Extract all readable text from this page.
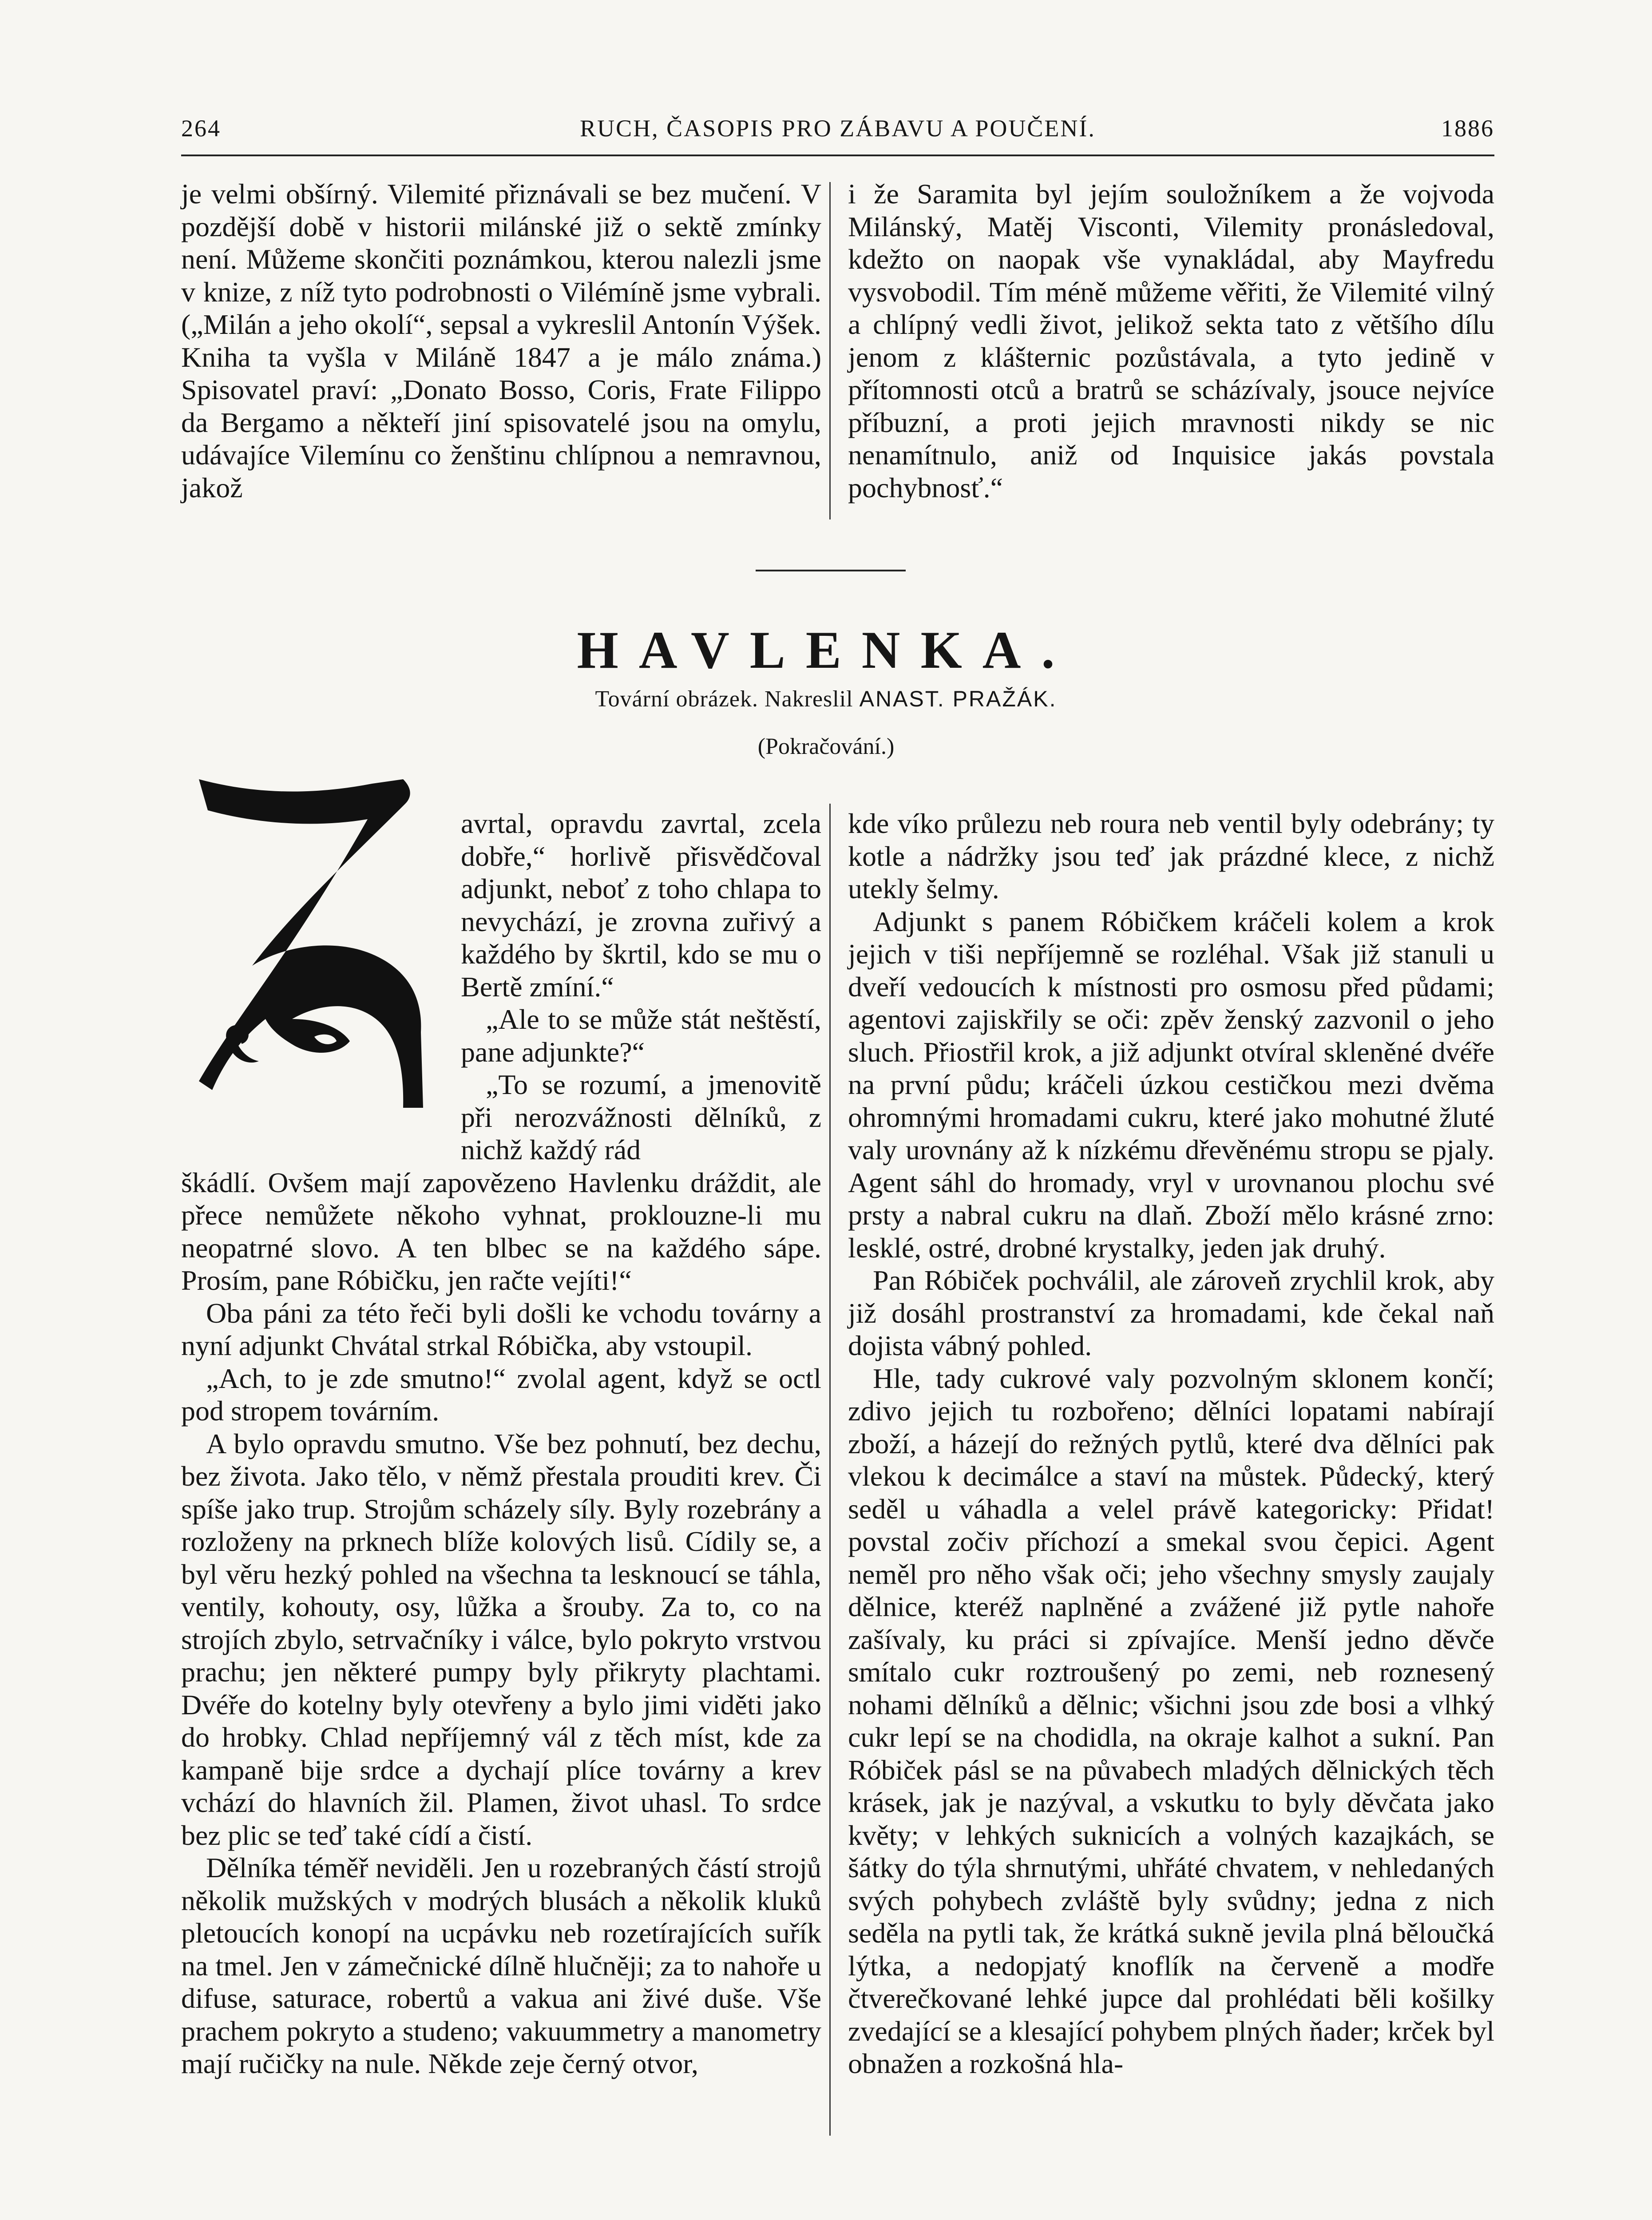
264	RUCH, ČASOPIS PRO ZÁBAVU A POUČENÍ.	1886

je velmi obšírný. Vilemité přiznávali se bez mučení. V pozdější době v historii milánské již o sektě zmínky není. Můžeme skončiti poznámkou, kterou nalezli jsme v knize, z níž tyto podrobnosti o Vilémíně jsme vybrali. („Milán a jeho okolí“, sepsal a vykreslil Antonín Výšek. Kniha ta vyšla v Miláně 1847 a je málo známa.) Spisovatel praví: „Donato Bosso, Coris, Frate Filippo da Bergamo a někteří jiní spisovatelé jsou na omylu, udávajíce Vilemínu co ženštinu chlípnou a nemravnou, jakož

i že Saramita byl jejím souložníkem a že vojvoda Milánský, Matěj Visconti, Vilemity pronásledoval, kdežto on naopak vše vynakládal, aby Mayfredu vysvobodil. Tím méně můžeme věřiti, že Vilemité vilný a chlípný vedli život, jelikož sekta tato z většího dílu jenom z klášternic pozůstávala, a tyto jedině v přítomnosti otců a bratrů se scházívaly, jsouce nejvíce příbuzní, a proti jejich mravnosti nikdy se nic nenamítnulo, aniž od Inquisice jakás povstala pochybnosť.“

HAVLENKA.
Tovární obrázek. Nakreslil ANAST. PRAŽÁK.
(Pokračování.)
Z

avrtal, opravdu zavrtal, zcela dobře,“ horlivě přisvědčoval adjunkt, neboť z toho chlapa to nevychází, je zrovna zuřivý a každého by škrtil, kdo se mu o Bertě zmíní.“

„Ale to se může stát neštěstí, pane adjunkte?“

„To se rozumí, a jmenovitě při nerozvážnosti dělníků, z nichž každý rád

škádlí. Ovšem mají zapovězeno Havlenku dráždit, ale přece nemůžete někoho vyhnat, proklouzne-li mu neopatrné slovo. A ten blbec se na každého sápe. Prosím, pane Róbičku, jen račte vejíti!“

Oba páni za této řeči byli došli ke vchodu továrny a nyní adjunkt Chvátal strkal Róbička, aby vstoupil.

„Ach, to je zde smutno!“ zvolal agent, když se octl pod stropem továrním.

A bylo opravdu smutno. Vše bez pohnutí, bez dechu, bez života. Jako tělo, v němž přestala prouditi krev. Či spíše jako trup. Strojům scházely síly. Byly rozebrány a rozloženy na prknech blíže kolových lisů. Cídily se, a byl věru hezký pohled na všechna ta lesknoucí se táhla, ventily, kohouty, osy, lůžka a šrouby. Za to, co na strojích zbylo, setrvačníky i válce, bylo pokryto vrstvou prachu; jen některé pumpy byly přikryty plachtami. Dvéře do kotelny byly otevřeny a bylo jimi viděti jako do hrobky. Chlad nepříjemný vál z těch míst, kde za kampaně bije srdce a dychají plíce továrny a krev vchází do hlavních žil. Plamen, život uhasl. To srdce bez plic se teď také cídí a čistí.

Dělníka téměř neviděli. Jen u rozebraných částí strojů několik mužských v modrých blusách a několik kluků pletoucích konopí na ucpávku neb rozetírajících suřík na tmel. Jen v zámečnické dílně hlučněji; za to nahoře u difuse, saturace, robertů a vakua ani živé duše. Vše prachem pokryto a studeno; vakuummetry a manometry mají ručičky na nule. Někde zeje černý otvor,

kde víko průlezu neb roura neb ventil byly odebrány; ty kotle a nádržky jsou teď jak prázdné klece, z nichž utekly šelmy.

Adjunkt s panem Róbičkem kráčeli kolem a krok jejich v tiši nepříjemně se rozléhal. Však již stanuli u dveří vedoucích k místnosti pro osmosu před půdami; agentovi zajiskřily se oči: zpěv ženský zazvonil o jeho sluch. Přiostřil krok, a již adjunkt otvíral skleněné dvéře na první půdu; kráčeli úzkou cestičkou mezi dvěma ohromnými hromadami cukru, které jako mohutné žluté valy urovnány až k nízkému dřevěnému stropu se pjaly. Agent sáhl do hromady, vryl v urovnanou plochu své prsty a nabral cukru na dlaň. Zboží mělo krásné zrno: lesklé, ostré, drobné krystalky, jeden jak druhý.

Pan Róbiček pochválil, ale zároveň zrychlil krok, aby již dosáhl prostranství za hromadami, kde čekal naň dojista vábný pohled.

Hle, tady cukrové valy pozvolným sklonem končí; zdivo jejich tu rozbořeno; dělníci lopatami nabírají zboží, a házejí do režných pytlů, které dva dělníci pak vlekou k decimálce a staví na můstek. Půdecký, který seděl u váhadla a velel právě kategoricky: Přidat! povstal zočiv příchozí a smekal svou čepici. Agent neměl pro něho však oči; jeho všechny smysly zaujaly dělnice, kteréž naplněné a zvážené již pytle nahoře zašívaly, ku práci si zpívajíce. Menší jedno děvče smítalo cukr roztroušený po zemi, neb roznesený nohami dělníků a dělnic; všichni jsou zde bosi a vlhký cukr lepí se na chodidla, na okraje kalhot a sukní. Pan Róbiček pásl se na půvabech mladých dělnických těch krásek, jak je nazýval, a vskutku to byly děvčata jako květy; v lehkých suknicích a volných kazajkách, se šátky do týla shrnutými, uhřáté chvatem, v nehledaných svých pohybech zvláště byly svůdny; jedna z nich seděla na pytli tak, že krátká sukně jevila plná běloučká lýtka, a nedopjatý knoflík na červeně a modře čtverečkované lehké jupce dal prohlédati běli košilky zvedající se a klesající pohybem plných ňader; krček byl obnažen a rozkošná hla-
